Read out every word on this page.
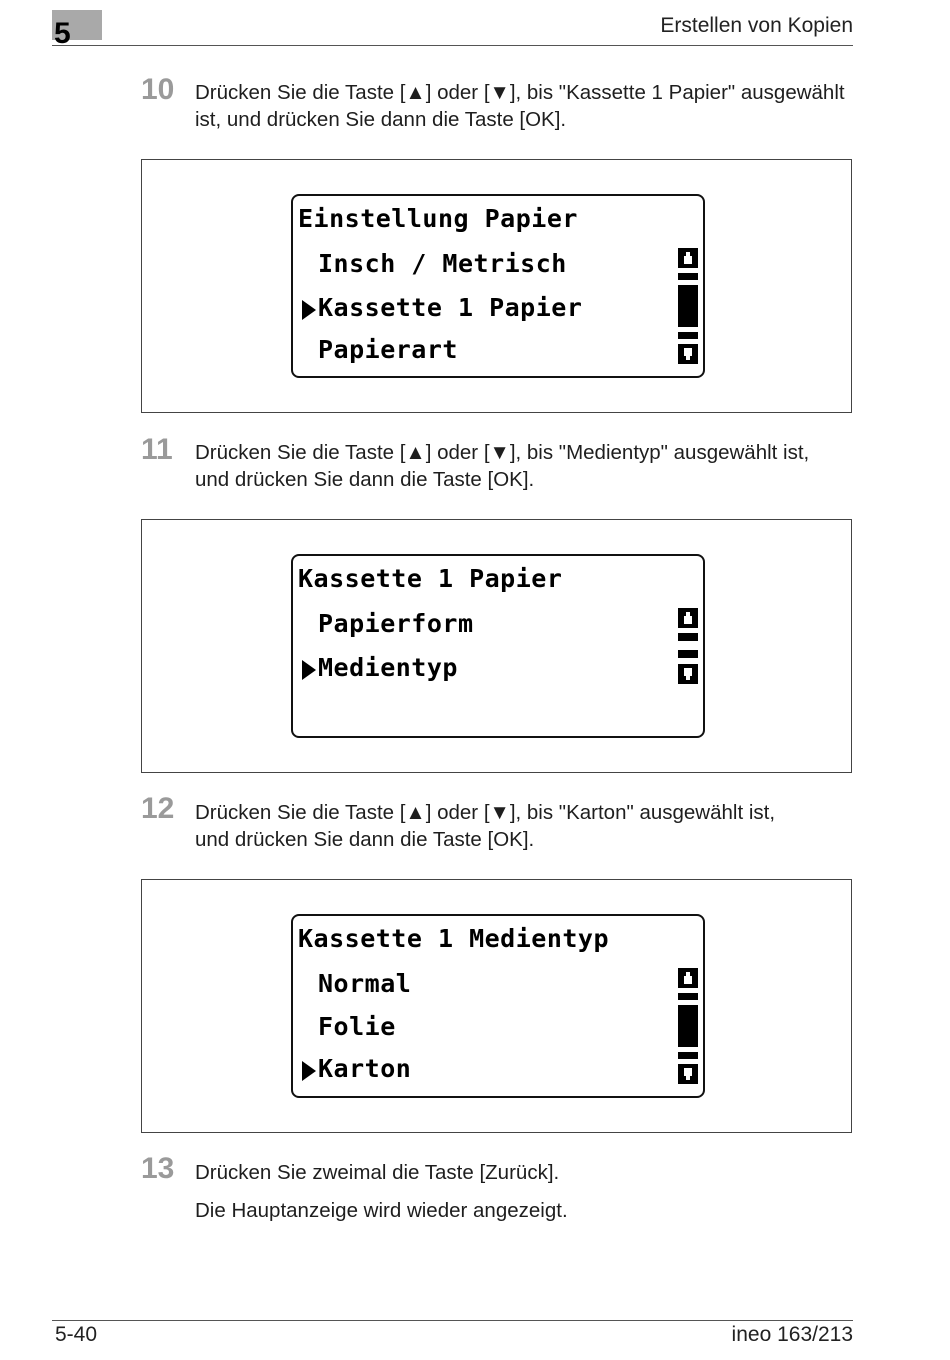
5	Erstellen von Kopien
10 Drücken Sie die Taste [▲] oder [▼], bis "Kassette 1 Papier" ausgewählt
ist, und drücken Sie dann die Taste [OK].
Einstellung Papier
Insch / Metrisch
Kassette 1 Papier
Papierart
11 Drücken Sie die Taste [▲] oder [▼], bis "Medientyp" ausgewählt ist,
und drücken Sie dann die Taste [OK].
Kassette 1 Papier
Papierform
Medientyp
12 Drücken Sie die Taste [▲] oder [▼], bis "Karton" ausgewählt ist,
und drücken Sie dann die Taste [OK].
Kassette 1 Medientyp
Normal
Folie
Karton
13 Drücken Sie zweimal die Taste [Zurück].
Die Hauptanzeige wird wieder angezeigt.
5-40	ineo 163/213
